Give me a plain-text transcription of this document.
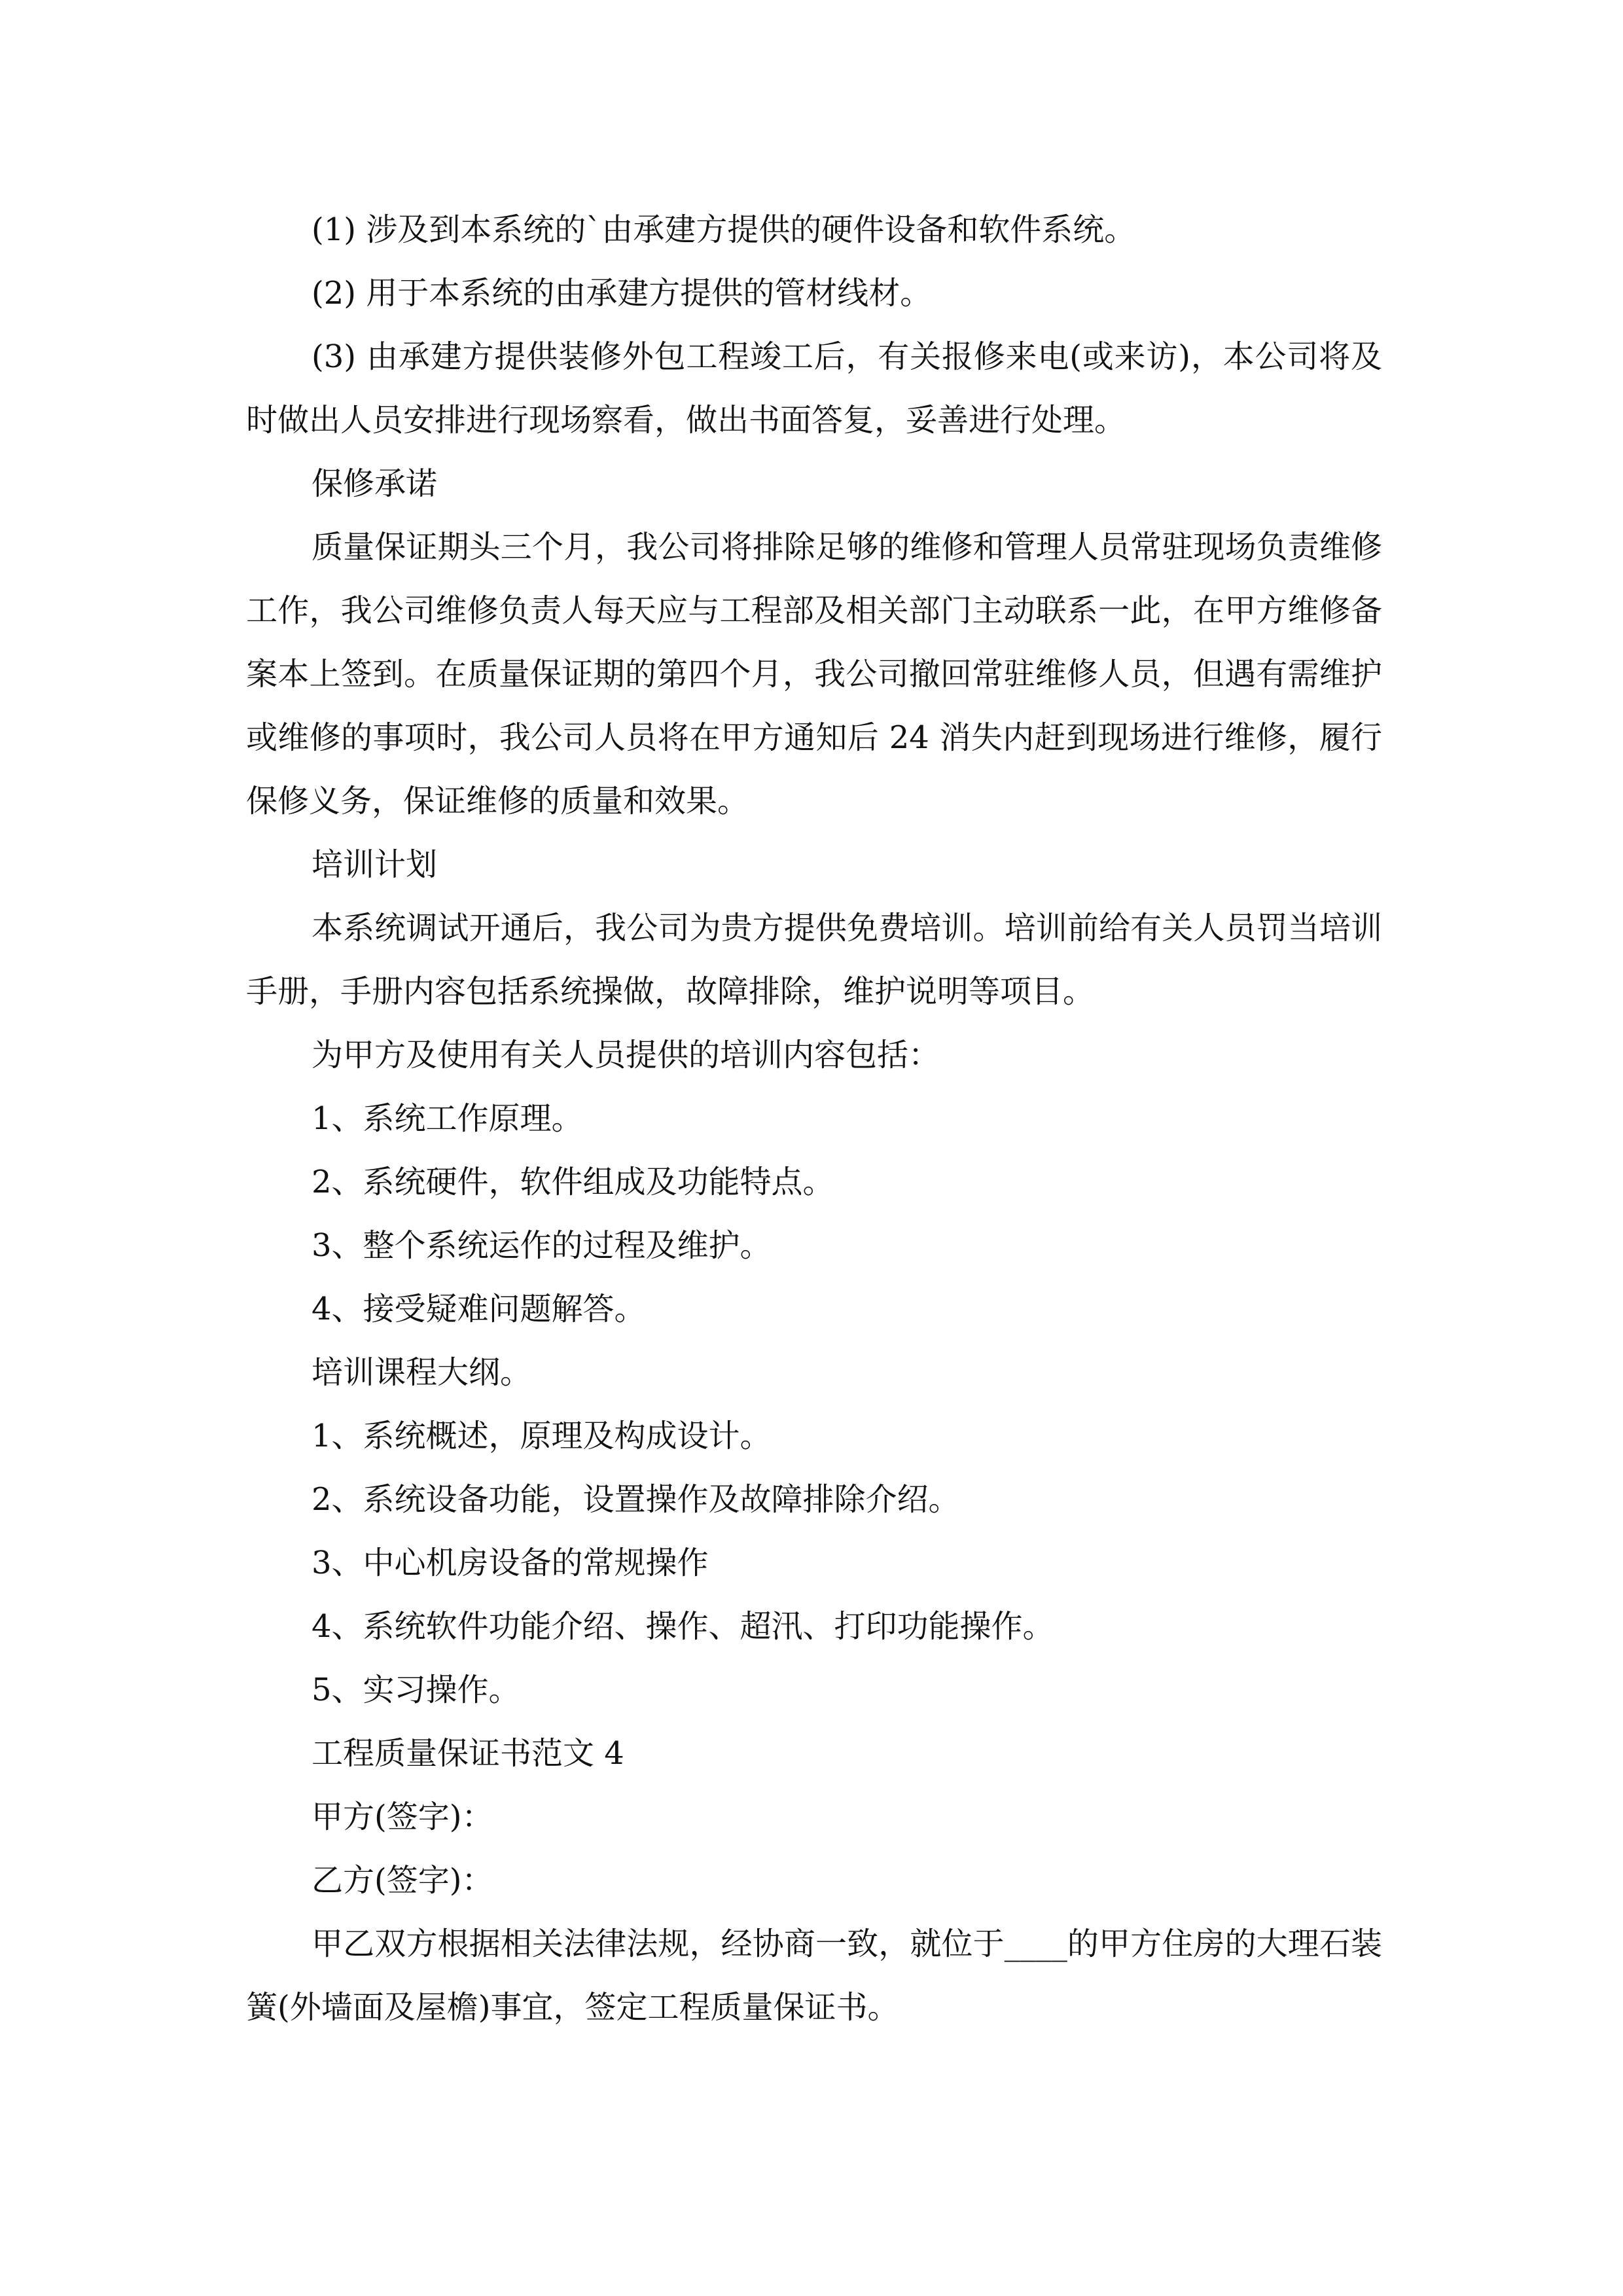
(1) 涉及到本系统的`由承建方提供的硬件设备和软件系统。

(2) 用于本系统的由承建方提供的管材线材。

(3) 由承建方提供装修外包工程竣工后，有关报修来电(或来访)，本公司将及时做出人员安排进行现场察看，做出书面答复，妥善进行处理。

保修承诺

质量保证期头三个月，我公司将排除足够的维修和管理人员常驻现场负责维修工作，我公司维修负责人每天应与工程部及相关部门主动联系一此，在甲方维修备案本上签到。在质量保证期的第四个月，我公司撤回常驻维修人员，但遇有需维护或维修的事项时，我公司人员将在甲方通知后 24 消失内赶到现场进行维修，履行保修义务，保证维修的质量和效果。

培训计划

本系统调试开通后，我公司为贵方提供免费培训。培训前给有关人员罚当培训手册，手册内容包括系统操做，故障排除，维护说明等项目。

为甲方及使用有关人员提供的培训内容包括：

1、系统工作原理。

2、系统硬件，软件组成及功能特点。

3、整个系统运作的过程及维护。

4、接受疑难问题解答。

培训课程大纲。

1、系统概述，原理及构成设计。

2、系统设备功能，设置操作及故障排除介绍。

3、中心机房设备的常规操作

4、系统软件功能介绍、操作、超汛、打印功能操作。

5、实习操作。

工程质量保证书范文 4

甲方(签字)：

乙方(签字)：

甲乙双方根据相关法律法规，经协商一致，就位于____的甲方住房的大理石装簧(外墙面及屋檐)事宜，签定工程质量保证书。
